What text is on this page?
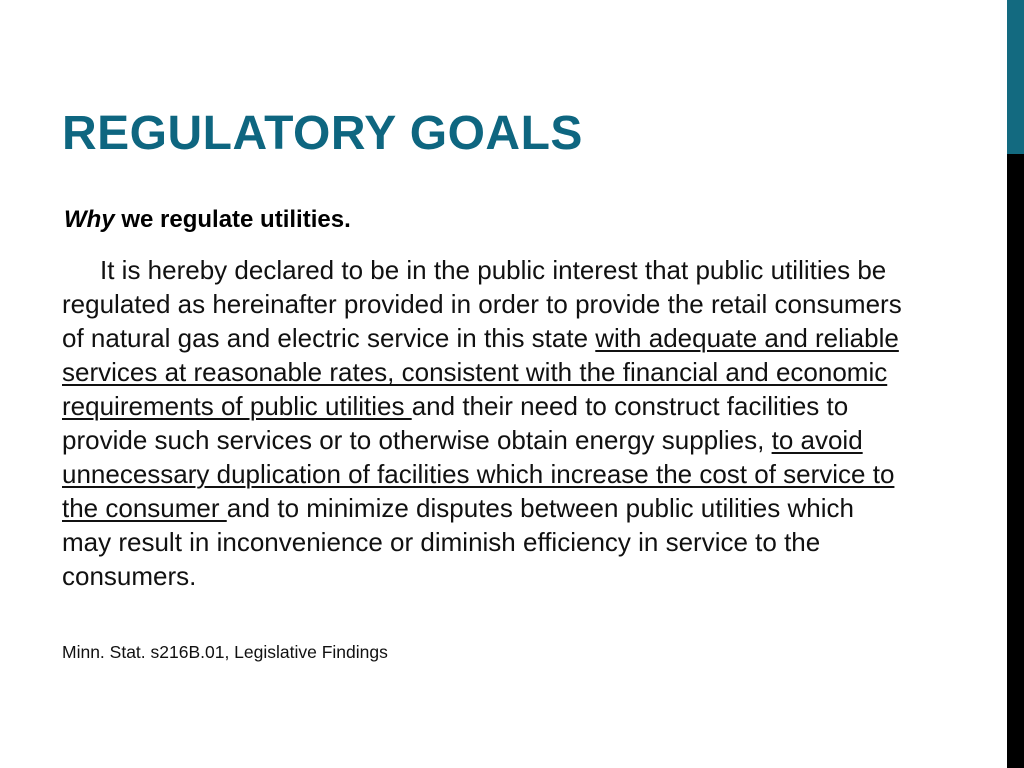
REGULATORY GOALS

Why we regulate utilities.

It is hereby declared to be in the public interest that public utilities be regulated as hereinafter provided in order to provide the retail consumers of natural gas and electric service in this state with adequate and reliable services at reasonable rates, consistent with the financial and economic requirements of public utilities and their need to construct facilities to provide such services or to otherwise obtain energy supplies, to avoid unnecessary duplication of facilities which increase the cost of service to the consumer and to minimize disputes between public utilities which may result in inconvenience or diminish efficiency in service to the consumers.

Minn. Stat. s216B.01, Legislative Findings
